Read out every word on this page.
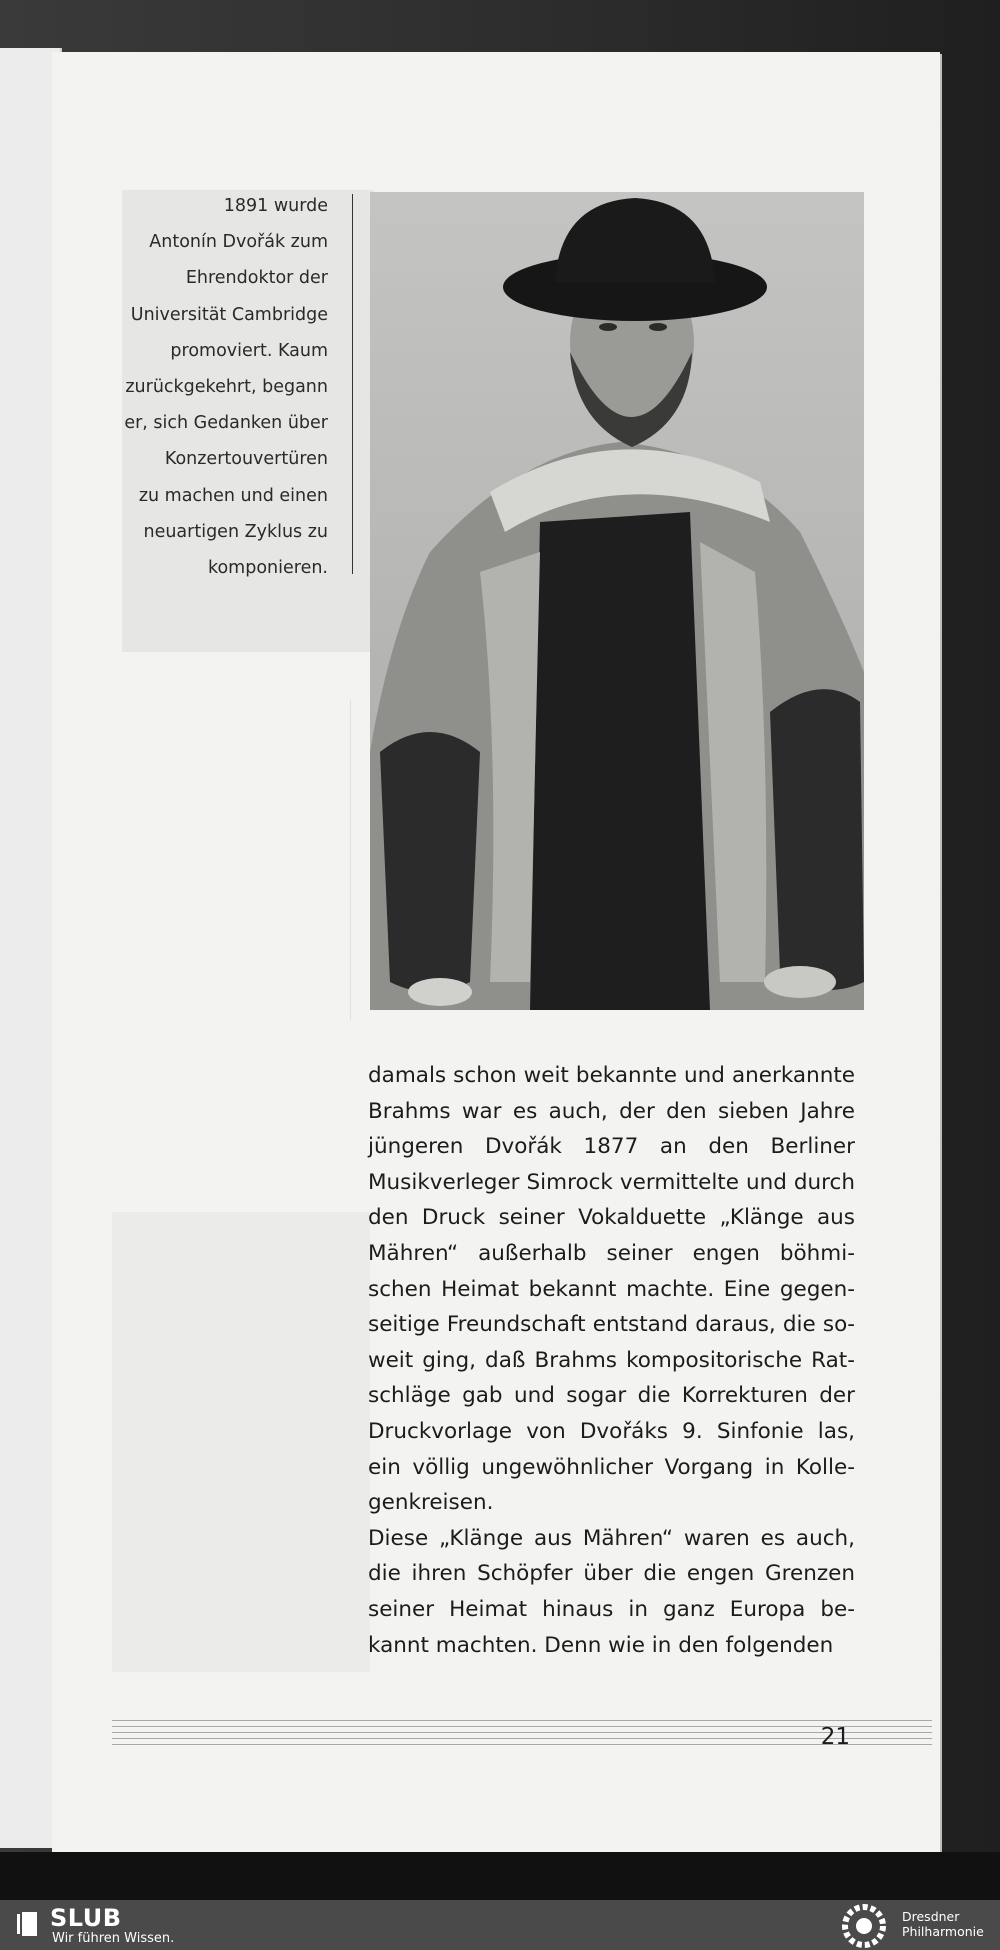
1891 wurde
Antonín Dvořák zum
Ehrendoktor der
Universität Cambridge
promoviert. Kaum
zurückgekehrt, begann
er, sich Gedanken über
Konzertouvertüren
zu machen und einen
neuartigen Zyklus zu
komponieren.

damals schon weit bekannte und anerkannte Brahms war es auch, der den sieben Jahre jüngeren Dvořák 1877 an den Berliner Musikverleger Simrock vermittelte und durch den Druck seiner Vokalduette „Klänge aus Mähren“ außerhalb seiner engen böhmischen Heimat bekannt machte. Eine gegenseitige Freundschaft entstand daraus, die soweit ging, daß Brahms kompositorische Ratschläge gab und sogar die Korrekturen der Druckvorlage von Dvořáks 9. Sinfonie las, ein völlig ungewöhnlicher Vorgang in Kollegenkreisen.

Diese „Klänge aus Mähren“ waren es auch, die ihren Schöpfer über die engen Grenzen seiner Heimat hinaus in ganz Europa bekannt machten. Denn wie in den folgenden

21
SLUB
Wir führen Wissen.
Dresdner
Philharmonie
